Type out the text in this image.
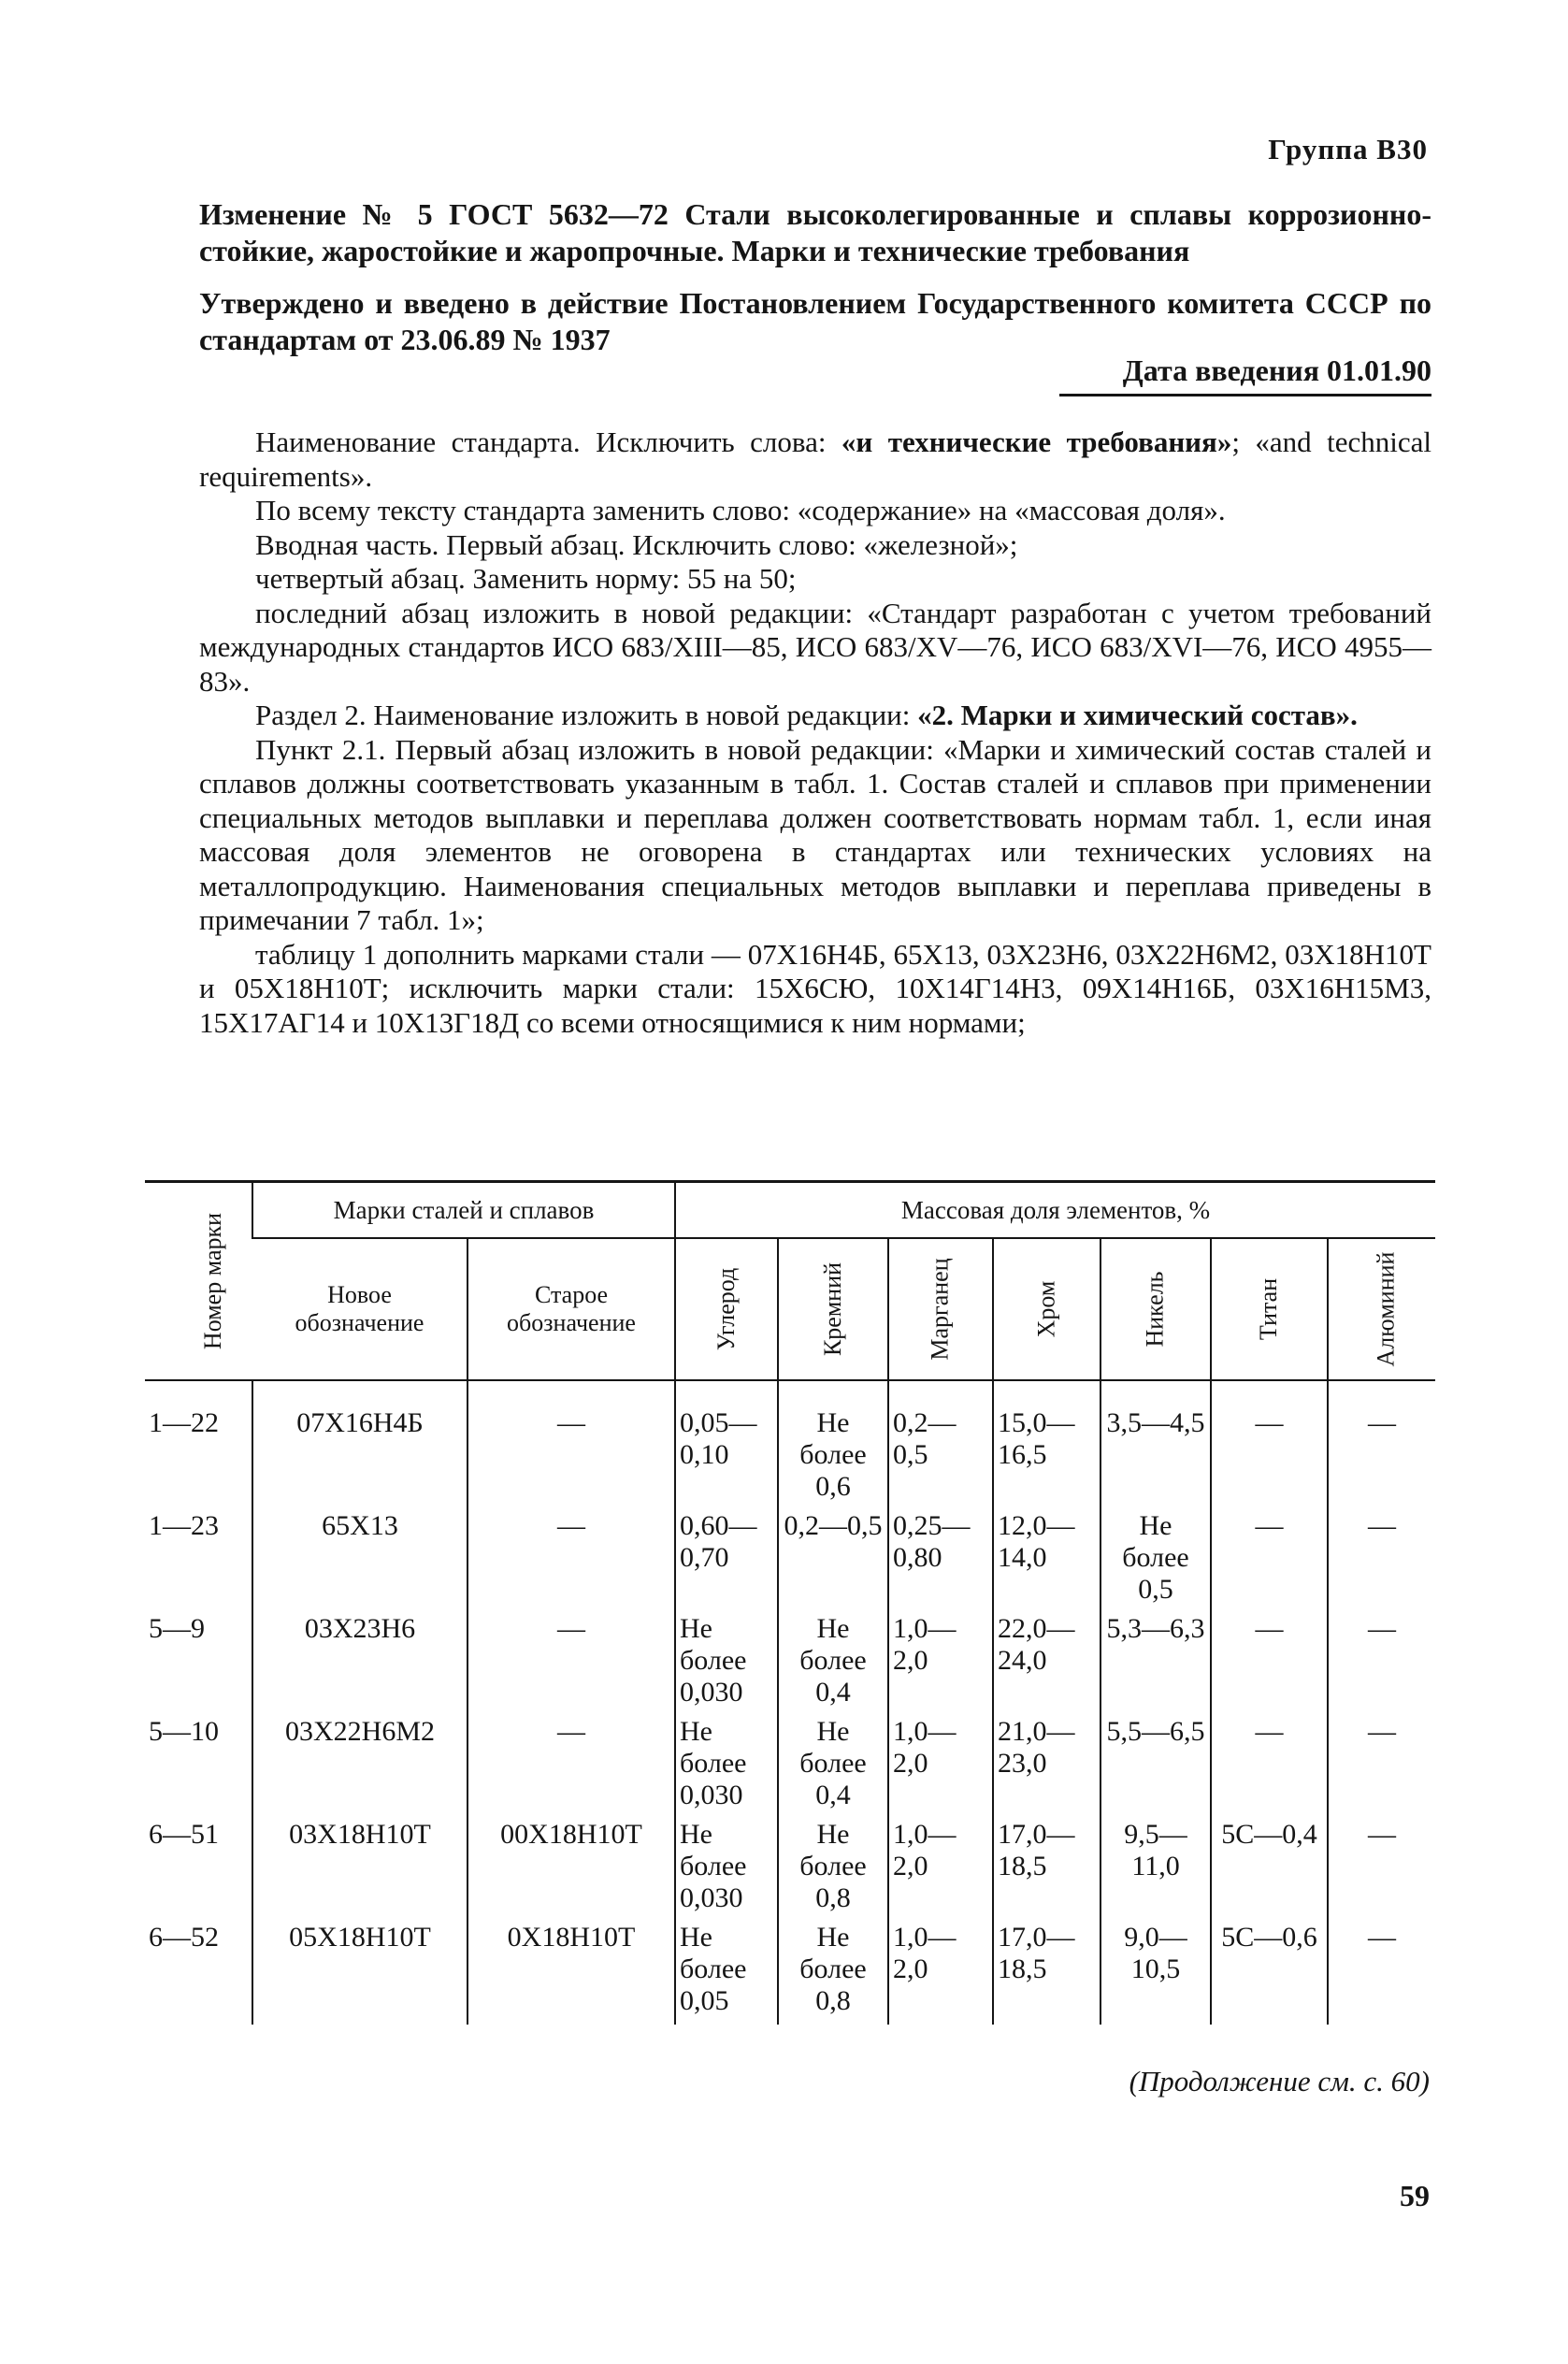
Группа В30
Изменение № 5 ГОСТ 5632—72 Стали высоколегированные и сплавы коррозионно-стойкие, жаростойкие и жаропрочные. Марки и технические требования
Утверждено и введено в действие Постановлением Государственного комитета СССР по стандартам от 23.06.89 № 1937
Дата введения 01.01.90

Наименование стандарта. Исключить слова: «и технические требования»; «and technical requirements».

По всему тексту стандарта заменить слово: «содержание» на «массовая доля».

Вводная часть. Первый абзац. Исключить слово: «железной»;

четвертый абзац. Заменить норму: 55 на 50;

последний абзац изложить в новой редакции: «Стандарт разработан с учетом требований международных стандартов ИСО 683/XIII—85, ИСО 683/XV—76, ИСО 683/XVI—76, ИСО 4955—83».

Раздел 2. Наименование изложить в новой редакции: «2. Марки и химический состав».

Пункт 2.1. Первый абзац изложить в новой редакции: «Марки и химический состав сталей и сплавов должны соответствовать указанным в табл. 1. Состав сталей и сплавов при применении специальных методов выплавки и переплава должен соответствовать нормам табл. 1, если иная массовая доля элементов не оговорена в стандартах или технических условиях на металлопродукцию. Наименования специальных методов выплавки и переплава приведены в примечании 7 табл. 1»;

таблицу 1 дополнить марками стали — 07Х16Н4Б, 65Х13, 03Х23Н6, 03Х22Н6М2, 03Х18Н10Т и 05Х18Н10Т; исключить марки стали: 15Х6СЮ, 10Х14Г14Н3, 09Х14Н16Б, 03Х16Н15М3, 15Х17АГ14 и 10Х13Г18Д со всеми относящимися к ним нормами;

Номер марки	Марки сталей и сплавов		Массовая доля элементов, %						
	Новое обозначение	Старое обозначение	Углерод	Кремний	Марганец	Хром	Никель	Титан	Алюминий
1—22	07Х16Н4Б	—	0,05—0,10	Не более 0,6	0,2—0,5	15,0—16,5	3,5—4,5	—	—
1—23	65Х13	—	0,60—0,70	0,2—0,5	0,25—0,80	12,0—14,0	Не более 0,5	—	—
5—9	03Х23Н6	—	Не более 0,030	Не более 0,4	1,0—2,0	22,0—24,0	5,3—6,3	—	—
5—10	03Х22Н6М2	—	Не более 0,030	Не более 0,4	1,0—2,0	21,0—23,0	5,5—6,5	—	—
6—51	03Х18Н10Т	00Х18Н10Т	Не более 0,030	Не более 0,8	1,0—2,0	17,0—18,5	9,5—11,0	5С—0,4	—
6—52	05Х18Н10Т	0Х18Н10Т	Не более 0,05	Не более 0,8	1,0—2,0	17,0—18,5	9,0—10,5	5С—0,6	—
(Продолжение см. с. 60)
59
